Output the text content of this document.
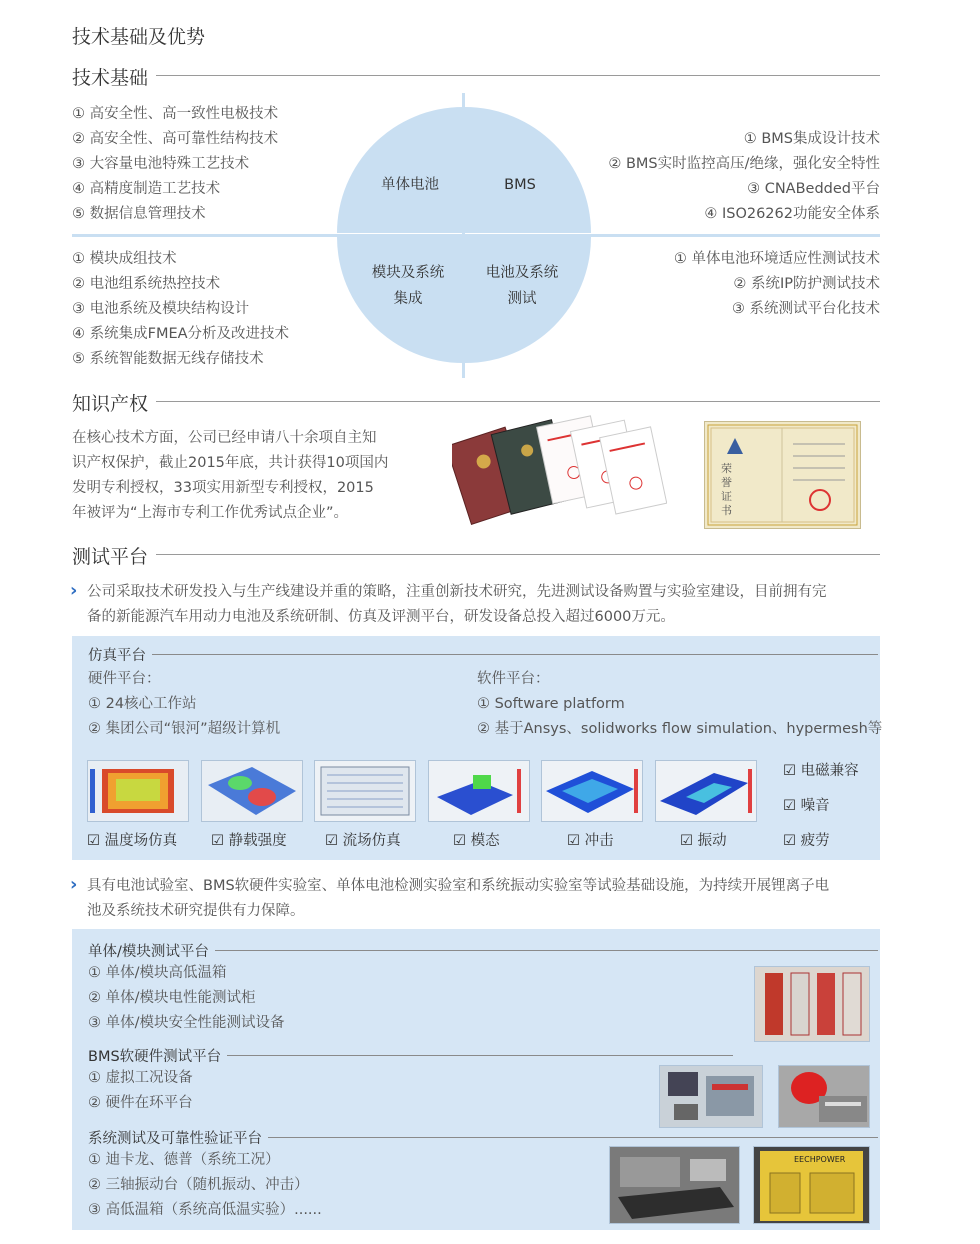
技术基础及优势
技术基础
单体电池	BMS
模块及系统
集成
电池及系统
测试
① 高安全性、高一致性电极技术
② 高安全性、高可靠性结构技术
③ 大容量电池特殊工艺技术
④ 高精度制造工艺技术
⑤ 数据信息管理技术
① BMS集成设计技术
② BMS实时监控高压/绝缘，强化安全特性
③ CNABedded平台
④ ISO26262功能安全体系
① 模块成组技术
② 电池组系统热控技术
③ 电池系统及模块结构设计
④ 系统集成FMEA分析及改进技术
⑤ 系统智能数据无线存储技术
① 单体电池环境适应性测试技术
② 系统IP防护测试技术
③ 系统测试平台化技术
知识产权
在核心技术方面，公司已经申请八十余项自主知
识产权保护，截止2015年底，共计获得10项国内
发明专利授权，33项实用新型专利授权，2015
年被评为“上海市专利工作优秀试点企业”。
荣誉证书
测试平台
› 公司采取技术研发投入与生产线建设并重的策略，注重创新技术研究，先进测试设备购置与实验室建设，目前拥有完
备的新能源汽车用动力电池及系统研制、仿真及评测平台，研发设备总投入超过6000万元。
仿真平台
硬件平台：
① 24核心工作站
② 集团公司“银河”超级计算机
软件平台：
① Software platform
② 基于Ansys、solidworks flow simulation、hypermesh等
☑ 温度场仿真 ☑ 静载强度	☑ 流场仿真	☑ 模态	☑ 冲击	☑ 振动
☑ 电磁兼容
☑ 噪音
☑ 疲劳
› 具有电池试验室、BMS软硬件实验室、单体电池检测实验室和系统振动实验室等试验基础设施，为持续开展锂离子电
池及系统技术研究提供有力保障。
单体/模块测试平台
① 单体/模块高低温箱
② 单体/模块电性能测试柜
③ 单体/模块安全性能测试设备
BMS软硬件测试平台
① 虚拟工况设备
② 硬件在环平台
系统测试及可靠性验证平台
① 迪卡龙、德普（系统工况）
② 三轴振动台（随机振动、冲击）
③ 高低温箱（系统高低温实验）......
EECHPOWER
